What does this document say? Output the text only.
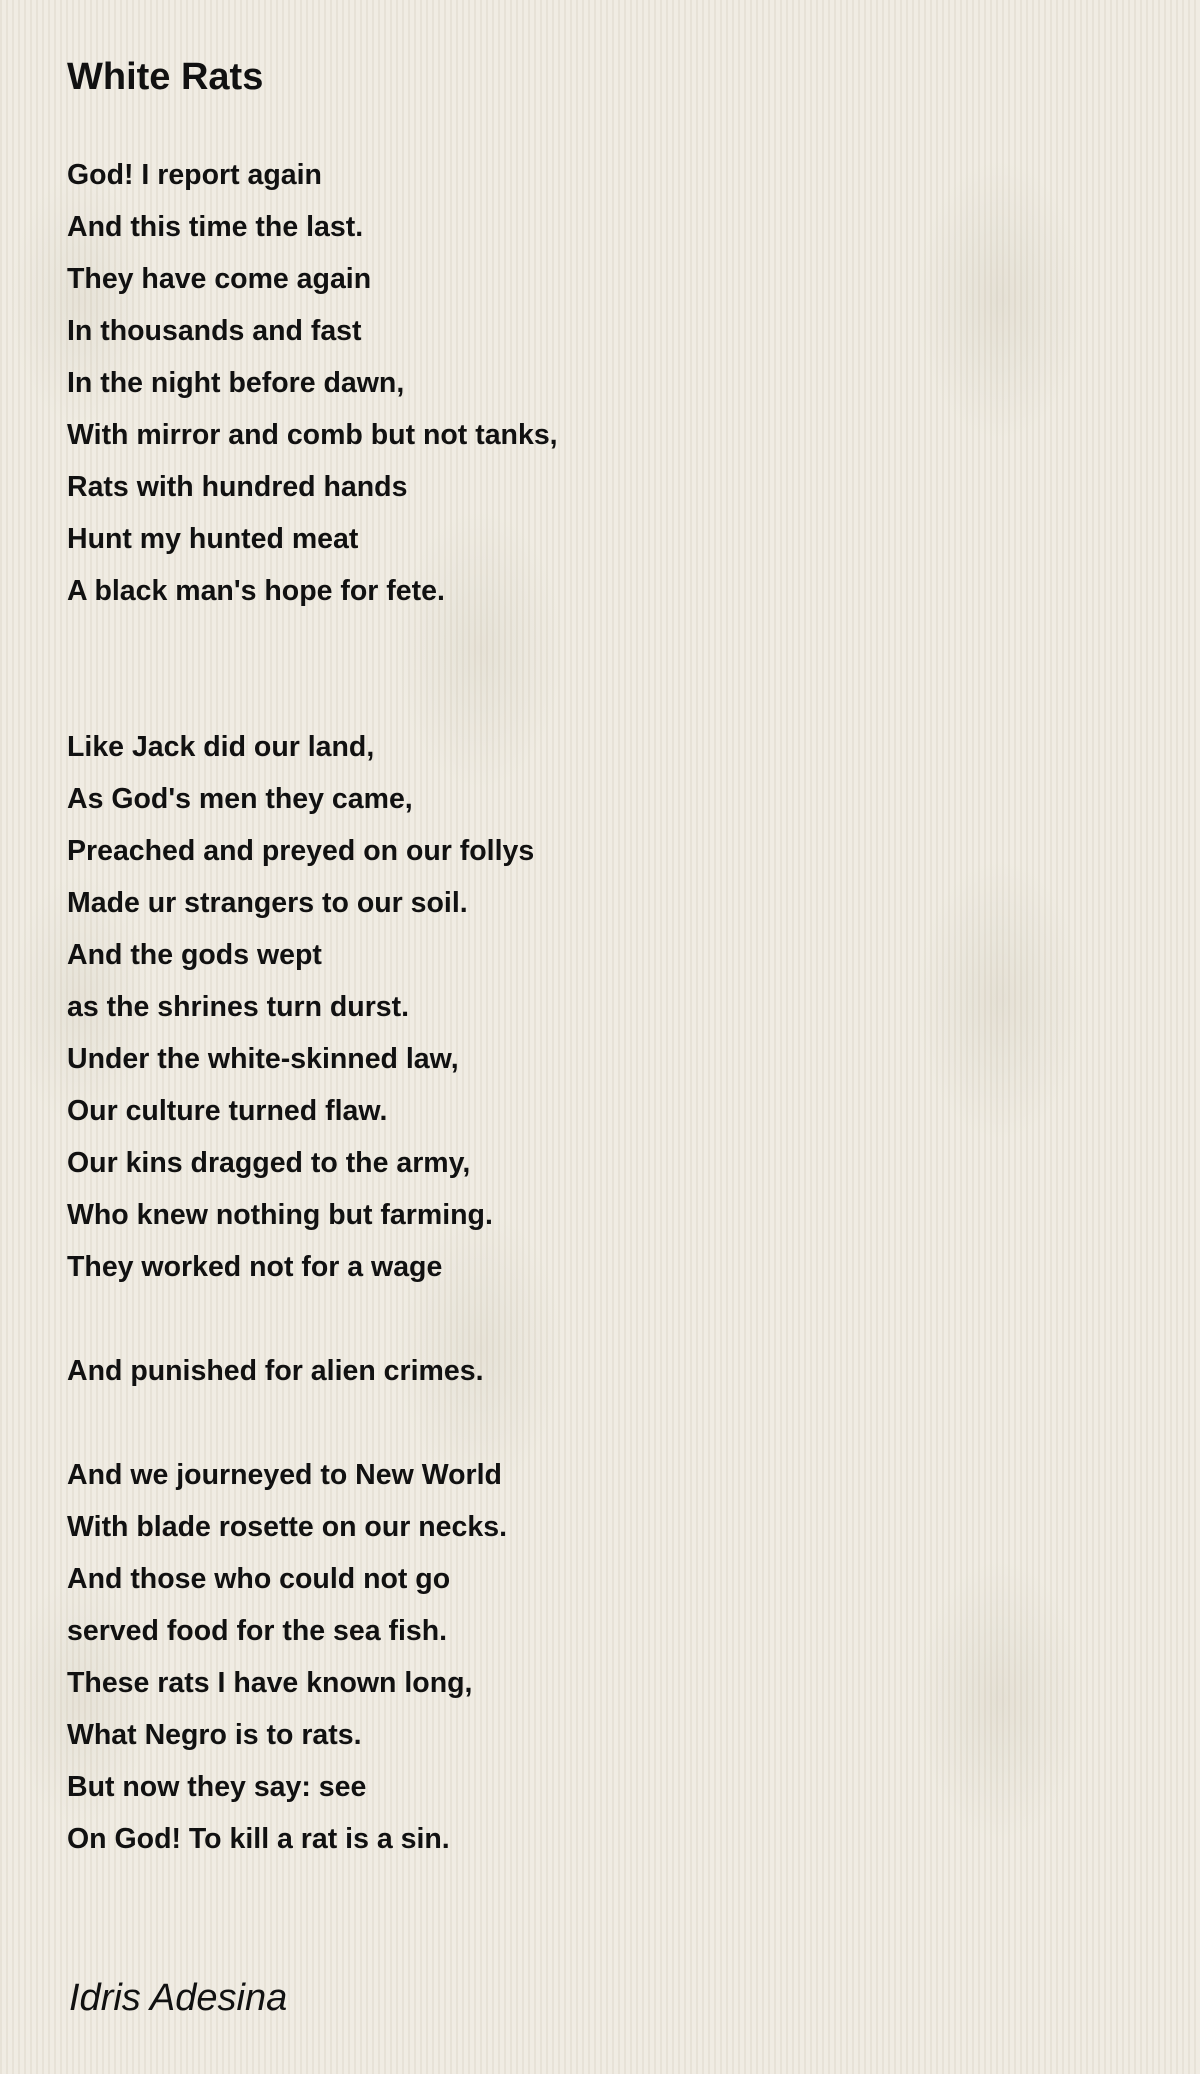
White Rats
God! I report again
And this time the last.
They have come again
In thousands and fast
In the night before dawn,
With mirror and comb but not tanks,
Rats with hundred hands
Hunt my hunted meat
A black man's hope for fete.
Like Jack did our land,
As God's men they came,
Preached and preyed on our follys
Made ur strangers to our soil.
And the gods wept
as the shrines turn durst.
Under the white-skinned law,
Our culture turned flaw.
Our kins dragged to the army,
Who knew nothing but farming.
They worked not for a wage
And punished for alien crimes.
And we journeyed to New World
With blade rosette on our necks.
And those who could not go
served food for the sea fish.
These rats I have known long,
What Negro is to rats.
But now they say: see
On God! To kill a rat is a sin.
Idris Adesina
